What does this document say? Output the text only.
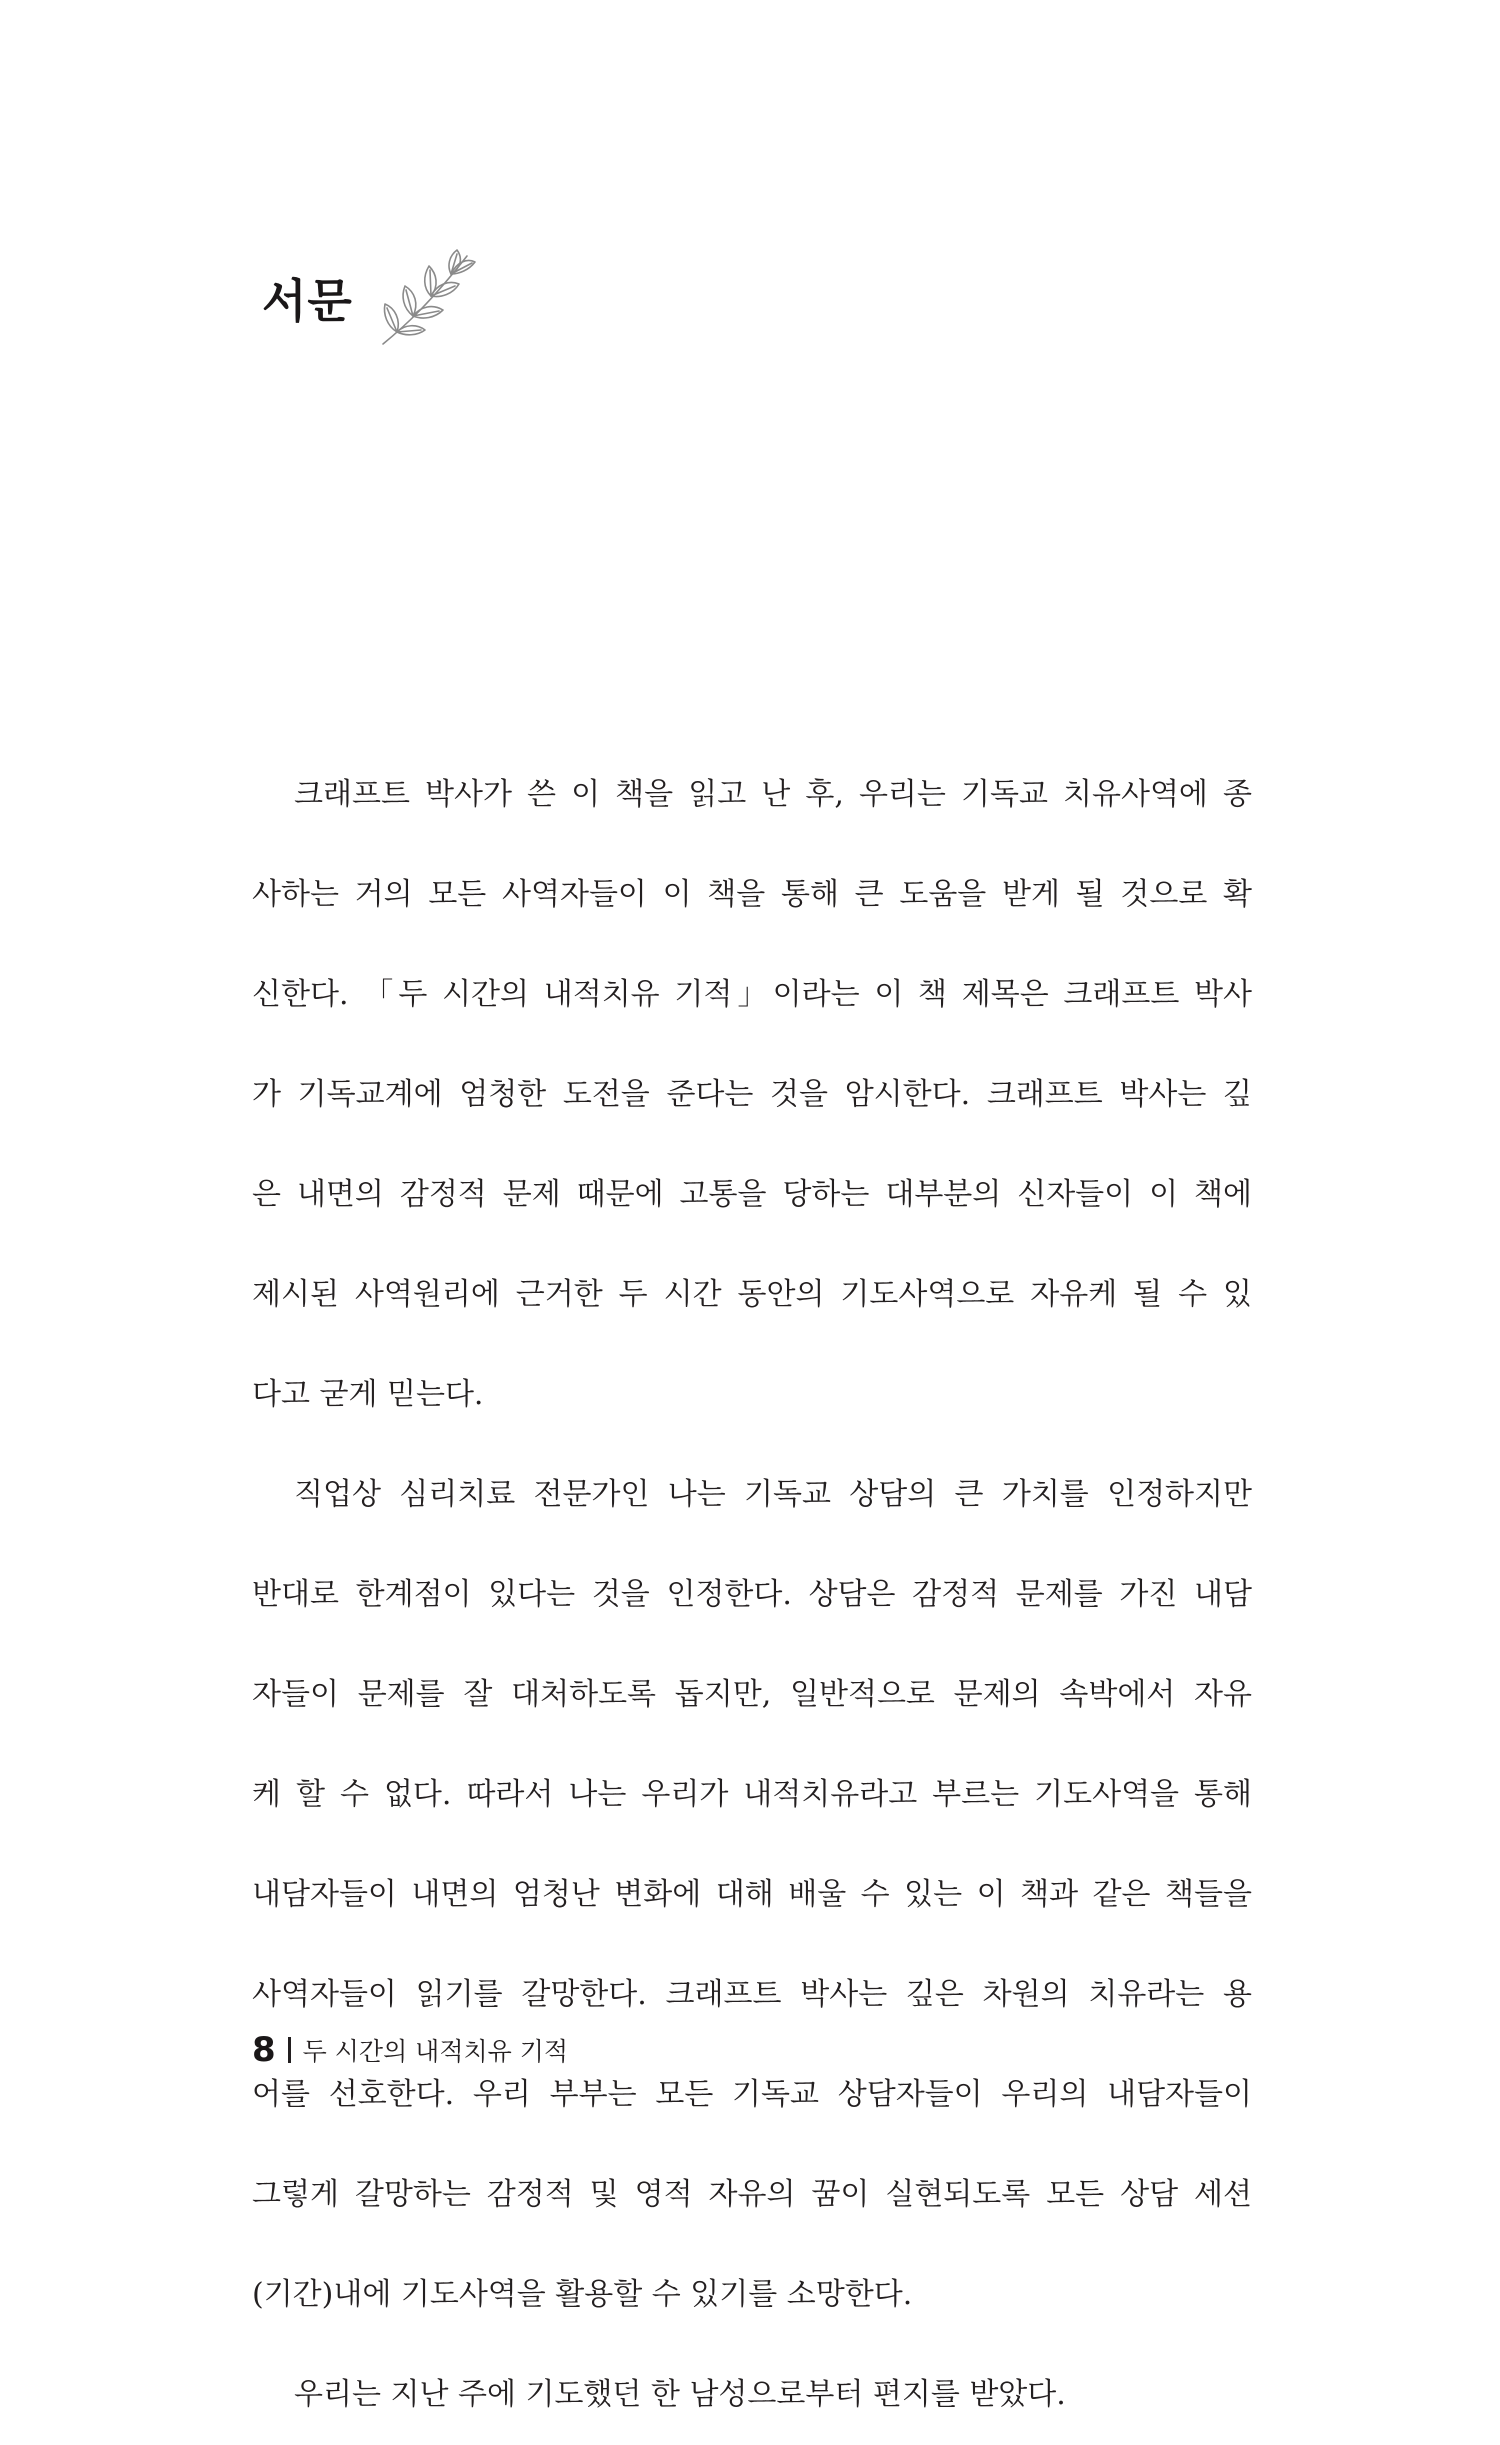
서문
크래프트 박사가 쓴 이 책을 읽고 난 후, 우리는 기독교 치유사역에 종
사하는 거의 모든 사역자들이 이 책을 통해 큰 도움을 받게 될 것으로 확
신한다. 「두 시간의 내적치유 기적」이라는 이 책 제목은 크래프트 박사
가 기독교계에 엄청한 도전을 준다는 것을 암시한다. 크래프트 박사는 깊
은 내면의 감정적 문제 때문에 고통을 당하는 대부분의 신자들이 이 책에
제시된 사역원리에 근거한 두 시간 동안의 기도사역으로 자유케 될 수 있
다고 굳게 믿는다.
직업상 심리치료 전문가인 나는 기독교 상담의 큰 가치를 인정하지만
반대로 한계점이 있다는 것을 인정한다. 상담은 감정적 문제를 가진 내담
자들이 문제를 잘 대처하도록 돕지만, 일반적으로 문제의 속박에서 자유
케 할 수 없다. 따라서 나는 우리가 내적치유라고 부르는 기도사역을 통해
내담자들이 내면의 엄청난 변화에 대해 배울 수 있는 이 책과 같은 책들을
사역자들이 읽기를 갈망한다. 크래프트 박사는 깊은 차원의 치유라는 용
어를 선호한다. 우리 부부는 모든 기독교 상담자들이 우리의 내담자들이
그렇게 갈망하는 감정적 및 영적 자유의 꿈이 실현되도록 모든 상담 세션
(기간)내에 기도사역을 활용할 수 있기를 소망한다.
우리는 지난 주에 기도했던 한 남성으로부터 편지를 받았다.
8 두 시간의 내적치유 기적
